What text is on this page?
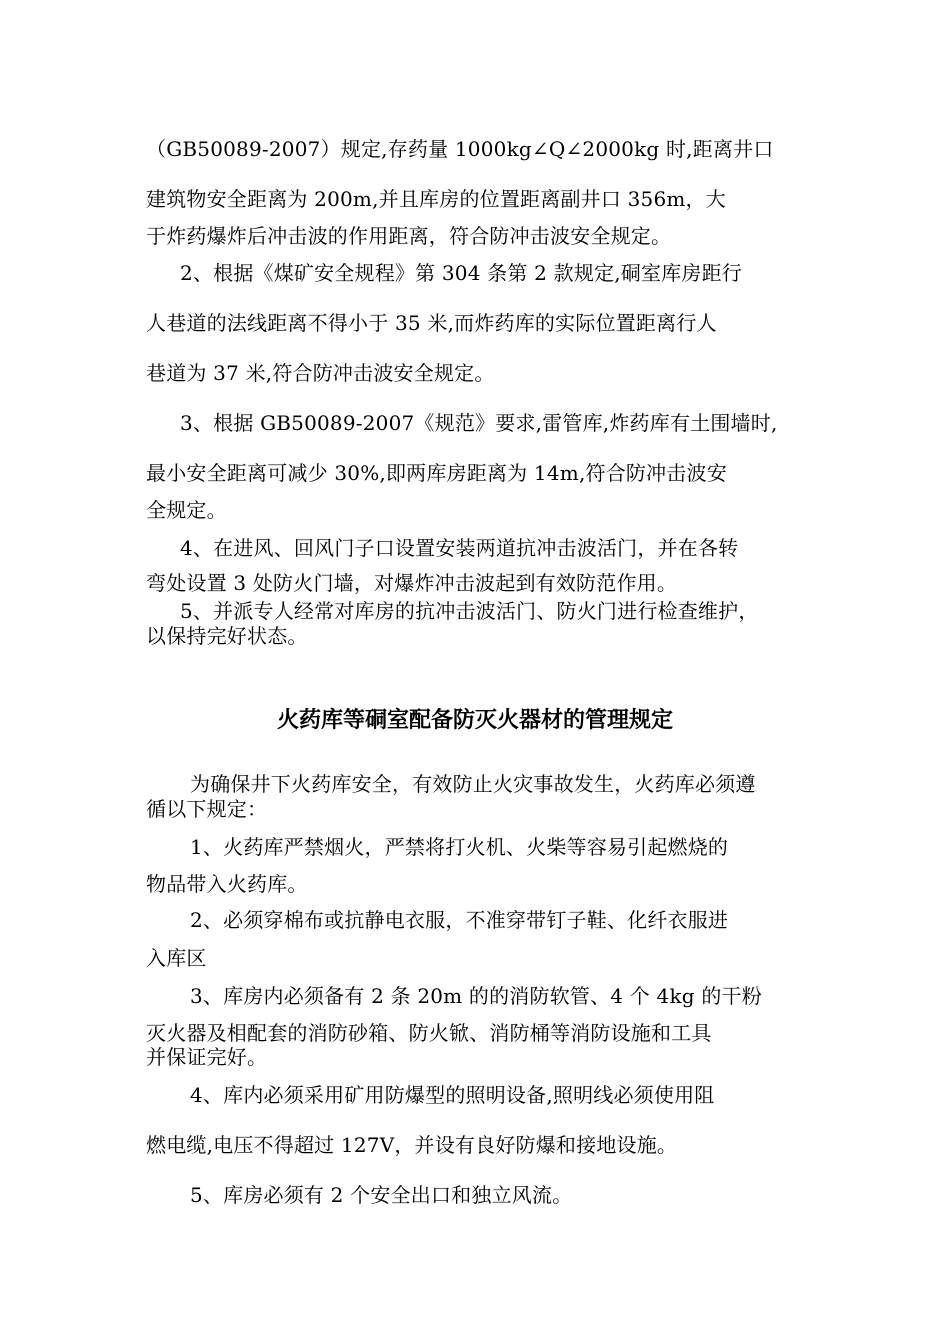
（GB50089-2007）规定,存药量 1000kg∠Q∠2000kg 时,距离井口
建筑物安全距离为 200m,并且库房的位置距离副井口 356m，大
于炸药爆炸后冲击波的作用距离，符合防冲击波安全规定。
2、根据《煤矿安全规程》第 304 条第 2 款规定,硐室库房距行
人巷道的法线距离不得小于 35 米,而炸药库的实际位置距离行人
巷道为 37 米,符合防冲击波安全规定。
3、根据 GB50089-2007《规范》要求,雷管库,炸药库有土围墙时,
最小安全距离可减少 30%,即两库房距离为 14m,符合防冲击波安
全规定。
4、在进风、回风门子口设置安装两道抗冲击波活门，并在各转
弯处设置 3 处防火门墙，对爆炸冲击波起到有效防范作用。
5、并派专人经常对库房的抗冲击波活门、防火门进行检查维护，
以保持完好状态。
火药库等硐室配备防灭火器材的管理规定
为确保井下火药库安全，有效防止火灾事故发生，火药库必须遵
循以下规定：
1、火药库严禁烟火，严禁将打火机、火柴等容易引起燃烧的
物品带入火药库。
2、必须穿棉布或抗静电衣服，不准穿带钉子鞋、化纤衣服进
入库区
3、库房内必须备有 2 条 20m 的的消防软管、4 个 4kg 的干粉
灭火器及相配套的消防砂箱、防火锨、消防桶等消防设施和工具
并保证完好。
4、库内必须采用矿用防爆型的照明设备,照明线必须使用阻
燃电缆,电压不得超过 127V，并设有良好防爆和接地设施。
5、库房必须有 2 个安全出口和独立风流。
